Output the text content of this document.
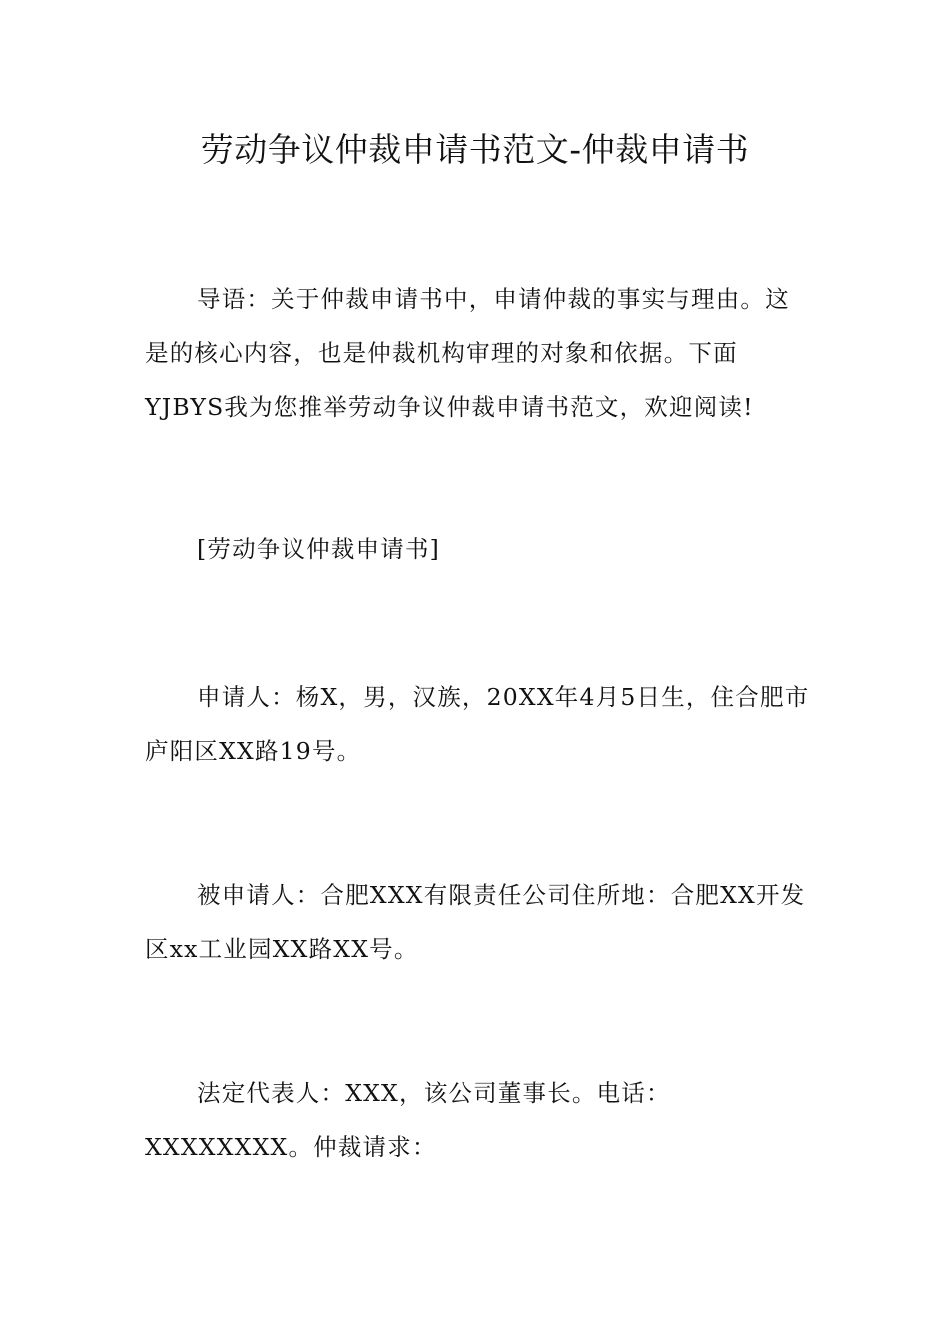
劳动争议仲裁申请书范文-仲裁申请书

导语：关于仲裁申请书中，申请仲裁的事实与理由。这是的核心内容，也是仲裁机构审理的对象和依据。下面YJBYS我为您推举劳动争议仲裁申请书范文，欢迎阅读!

[劳动争议仲裁申请书]

申请人：杨X，男，汉族，20XX年4月5日生，住合肥市庐阳区XX路19号。

被申请人：合肥XXX有限责任公司住所地：合肥XX开发区xx工业园XX路XX号。

法定代表人：XXX，该公司董事长。电话：XXXXXXXX。仲裁请求：
